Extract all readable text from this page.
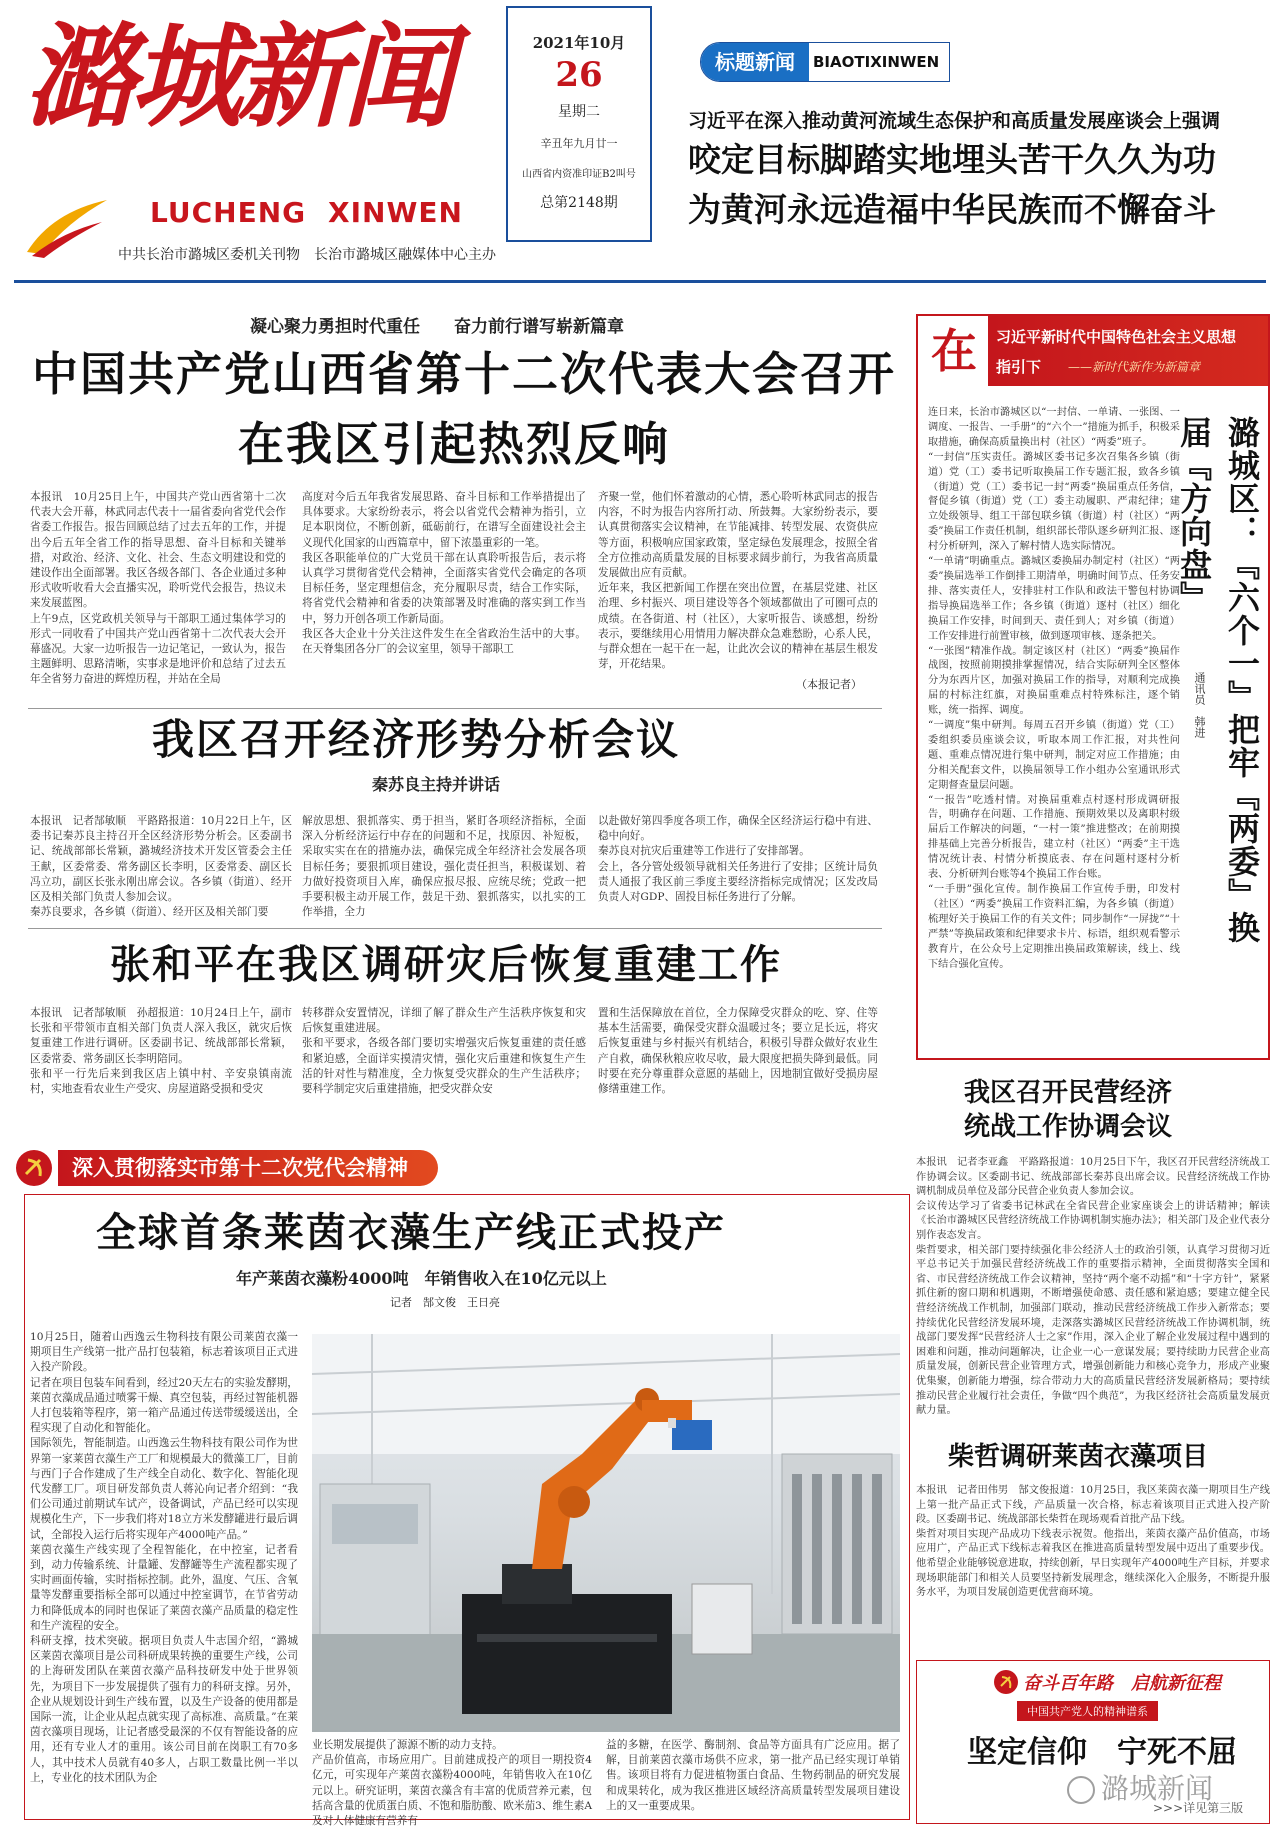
潞城新闻
LUCHENG XINWEN
中共长治市潞城区委机关刊物　长治市潞城区融媒体中心主办
2021年10月
26
星期二
辛丑年九月廿一
山西省内资准印证B2叫号
总第2148期
标题新闻	BIAOTIXINWEN
习近平在深入推动黄河流域生态保护和高质量发展座谈会上强调
咬定目标脚踏实地埋头苦干久久为功
为黄河永远造福中华民族而不懈奋斗
凝心聚力勇担时代重任　　奋力前行谱写崭新篇章
中国共产党山西省第十二次代表大会召开
在我区引起热烈反响
本报讯　10月25日上午，中国共产党山西省第十二次代表大会开幕，林武同志代表十一届省委向省党代会作省委工作报告。报告回顾总结了过去五年的工作，并提出今后五年全省工作的指导思想、奋斗目标和关键举措，对政治、经济、文化、社会、生态文明建设和党的建设作出全面部署。我区各级各部门、各企业通过多种形式收听收看大会直播实况，聆听党代会报告，热议未来发展蓝图。
上午9点，区党政机关领导与干部职工通过集体学习的形式一同收看了中国共产党山西省第十二次代表大会开幕盛况。大家一边听报告一边记笔记，一致认为，报告主题鲜明、思路清晰，实事求是地评价和总结了过去五年全省努力奋进的辉煌历程，并站在全局
高度对今后五年我省发展思路、奋斗目标和工作举措提出了具体要求。大家纷纷表示，将会以省党代会精神为指引，立足本职岗位，不断创新，砥砺前行，在谱写全面建设社会主义现代化国家的山西篇章中，留下浓墨重彩的一笔。
我区各职能单位的广大党员干部在认真聆听报告后，表示将认真学习贯彻省党代会精神，全面落实省党代会确定的各项目标任务，坚定理想信念，充分履职尽责，结合工作实际，将省党代会精神和省委的决策部署及时准确的落实到工作当中，努力开创各项工作新局面。
我区各大企业十分关注这件发生在全省政治生活中的大事。在天脊集团各分厂的会议室里，领导干部职工
齐聚一堂，他们怀着激动的心情，悉心聆听林武同志的报告内容，不时为报告内容所打动、所鼓舞。大家纷纷表示，要认真贯彻落实会议精神，在节能减排、转型发展、农资供应等方面，积极响应国家政策，坚定绿色发展理念，按照全省全方位推动高质量发展的目标要求阔步前行，为我省高质量发展做出应有贡献。
近年来，我区把新闻工作摆在突出位置，在基层党建、社区治理、乡村振兴、项目建设等各个领域都做出了可圈可点的成绩。在各街道、村（社区），大家听报告、谈感想，纷纷表示，要继续用心用情用力解决群众急难愁盼，心系人民，与群众想在一起干在一起，让此次会议的精神在基层生根发芽，开花结果。
（本报记者）
我区召开经济形势分析会议
秦苏良主持并讲话
本报讯　记者郜敏顺　平路路报道：10月22日上午，区委书记秦苏良主持召开全区经济形势分析会。区委副书记、统战部部长常颖，潞城经济技术开发区管委会主任王献，区委常委、常务副区长李明，区委常委、副区长冯立功，副区长张永刚出席会议。各乡镇（街道）、经开区及相关部门负责人参加会议。
秦苏良要求，各乡镇（街道）、经开区及相关部门要
解放思想、狠抓落实、勇于担当，紧盯各项经济指标，全面深入分析经济运行中存在的问题和不足，找原因、补短板，采取实实在在的措施办法，确保完成全年经济社会发展各项目标任务；要狠抓项目建设，强化责任担当，积极谋划、着力做好投资项目入库，确保应报尽报、应统尽统；党政一把手要积极主动开展工作，鼓足干劲、狠抓落实，以扎实的工作举措，全力
以赴做好第四季度各项工作，确保全区经济运行稳中有进、稳中向好。
秦苏良对抗灾后重建等工作进行了安排部署。
会上，各分管处级领导就相关任务进行了安排；区统计局负责人通报了我区前三季度主要经济指标完成情况；区发改局负责人对GDP、固投目标任务进行了分解。
张和平在我区调研灾后恢复重建工作
本报讯　记者郜敏顺　孙超报道：10月24日上午，副市长张和平带领市直相关部门负责人深入我区，就灾后恢复重建工作进行调研。区委副书记、统战部部长常颖，区委常委、常务副区长李明陪同。
张和平一行先后来到我区店上镇中村、辛安泉镇南流村，实地查看农业生产受灾、房屋道路受损和受灾
转移群众安置情况，详细了解了群众生产生活秩序恢复和灾后恢复重建进展。
张和平要求，各级各部门要切实增强灾后恢复重建的责任感和紧迫感，全面详实摸清灾情，强化灾后重建和恢复生产生活的针对性与精准度，全力恢复受灾群众的生产生活秩序；要科学制定灾后重建措施，把受灾群众安
置和生活保障放在首位，全力保障受灾群众的吃、穿、住等基本生活需要，确保受灾群众温暖过冬；要立足长远，将灾后恢复重建与乡村振兴有机结合，积极引导群众做好农业生产自救，确保秋粮应收尽收，最大限度把损失降到最低。同时要在充分尊重群众意愿的基础上，因地制宜做好受损房屋修缮重建工作。
深入贯彻落实市第十二次党代会精神
全球首条莱茵衣藻生产线正式投产
年产莱茵衣藻粉4000吨　年销售收入在10亿元以上
记者　郜文俊　王日亮
10月25日，随着山西逸云生物科技有限公司莱茵衣藻一期项目生产线第一批产品打包装箱，标志着该项目正式进入投产阶段。
记者在项目包装车间看到，经过20天左右的实验发酵期，莱茵衣藻成品通过喷雾干燥、真空包装，再经过智能机器人打包装箱等程序，第一箱产品通过传送带缓缓送出，全程实现了自动化和智能化。
国际领先，智能制造。山西逸云生物科技有限公司作为世界第一家莱茵衣藻生产工厂和规模最大的微藻工厂，目前与西门子合作建成了生产线全自动化、数字化、智能化现代发酵工厂。项目研发部负责人蒋沁向记者介绍到：“我们公司通过前期试车试产，设备调试，产品已经可以实现规模化生产，下一步我们将对18立方米发酵罐进行最后调试，全部投入运行后将实现年产4000吨产品。”
莱茵衣藻生产线实现了全程智能化，在中控室，记者看到，动力传输系统、计量罐、发酵罐等生产流程都实现了实时画面传输，实时指标控制。此外，温度、气压、含氧量等发酵重要指标全部可以通过中控室调节，在节省劳动力和降低成本的同时也保证了莱茵衣藻产品质量的稳定性和生产流程的安全。
科研支撑，技术突破。据项目负责人牛志国介绍，“潞城区莱茵衣藻项目是公司科研成果转换的重要生产线，公司的上海研发团队在莱茵衣藻产品科技研发中处于世界领先，为项目下一步发展提供了强有力的科研支撑。另外，企业从规划设计到生产线布置，以及生产设备的使用都是国际一流，让企业从起点就实现了高标准、高质量。”在莱茵衣藻项目现场，让记者感受最深的不仅有智能设备的应用，还有专业人才的重用。该公司目前在岗职工有70多人，其中技术人员就有40多人，占职工数量比例一半以上，专业化的技术团队为企
业长期发展提供了源源不断的动力支持。
产品价值高，市场应用广。目前建成投产的项目一期投资4亿元，可实现年产莱茵衣藻粉4000吨，年销售收入在10亿元以上。研究证明，莱茵衣藻含有丰富的优质营养元素，包括高含量的优质蛋白质、不饱和脂肪酸、欧米茄3、维生素A及对人体健康有营养有
益的多糖，在医学、酶制剂、食品等方面具有广泛应用。据了解，目前莱茵衣藻市场供不应求，第一批产品已经实现订单销售。该项目将有力促进植物蛋白食品、生物药制品的研究发展和成果转化，成为我区推进区域经济高质量转型发展项目建设上的又一重要成果。
在	习近平新时代中国特色社会主义思想
指引下 ——新时代新作为新篇章
连日来，长治市潞城区以“一封信、一单请、一张图、一调度、一报告、一手册”的“六个一”措施为抓手，积极采取措施，确保高质量换出村（社区）“两委”班子。
“一封信”压实责任。潞城区委书记多次召集各乡镇（街道）党（工）委书记听取换届工作专题汇报，致各乡镇（街道）党（工）委书记一封“两委”换届重点任务信，督促乡镇（街道）党（工）委主动履职、严肃纪律；建立处级领导、组工干部包联乡镇（街道）村（社区）“两委”换届工作责任机制，组织部长带队逐乡研判汇报、逐村分析研判，深入了解村情人选实际情况。
“一单请”明确重点。潞城区委换届办制定村（社区）“两委”换届选举工作倒排工期清单，明确时间节点、任务安排、落实责任人，安排驻村工作队和政法干警包村协调指导换届选举工作；各乡镇（街道）逐村（社区）细化换届工作安排，时间到天、责任到人；对乡镇（街道）工作安排进行前置审核，做到逐项审核、逐条把关。
“一张图”精准作战。制定该区村（社区）“两委”换届作战图，按照前期摸排掌握情况，结合实际研判全区整体分为东西片区，加强对换届工作的指导，对顺利完成换届的村标注红旗，对换届重难点村特殊标注，逐个销账，统一指挥、调度。
“一调度”集中研判。每周五召开乡镇（街道）党（工）委组织委员座谈会议，听取本周工作汇报，对共性问题、重难点情况进行集中研判，制定对应工作措施；由分相关配套文件，以换届领导工作小组办公室通讯形式定期督查量层问题。
“一报告”吃透村情。对换届重难点村逐村形成调研报告，明确存在问题、工作措施、预期效果以及离职村级届后工作解决的问题，“一村一策”推进整改；在前期摸排基础上完善分析报告，建立村（社区）“两委”主干选情况统计表、村情分析摸底表、存在问题村逐村分析表、分析研判台账等4个换届工作台账。
“一手册”强化宣传。制作换届工作宣传手册，印发村（社区）“两委”换届工作资料汇编，为各乡镇（街道）梳理好关于换届工作的有关文件；同步制作“一屏拢”“十严禁”等换届政策和纪律要求卡片、标语，组织观看警示教育片，在公众号上定期推出换届政策解读，线上、线下结合强化宣传。
潞城区：『六个一』把牢『两委』换届『方向盘』
通讯员　韩进
我区召开民营经济
统战工作协调会议
本报讯　记者李亚鑫　平路路报道：10月25日下午，我区召开民营经济统战工作协调会议。区委副书记、统战部部长秦苏良出席会议。民营经济统战工作协调机制成员单位及部分民营企业负责人参加会议。
会议传达学习了省委书记林武在全省民营企业家座谈会上的讲话精神；解读《长治市潞城区民营经济统战工作协调机制实施办法》；相关部门及企业代表分别作表态发言。
柴哲要求，相关部门要持续强化非公经济人士的政治引领，认真学习贯彻习近平总书记关于加强民营经济统战工作的重要指示精神，全面贯彻落实全国和省、市民营经济统战工作会议精神，坚持“两个毫不动摇”和“十字方针”，紧紧抓住新的窗口期和机遇期，不断增强使命感、责任感和紧迫感；要建立健全民营经济统战工作机制，加强部门联动，推动民营经济统战工作步入新常态；要持续优化民营经济发展环境，走深落实潞城区民营经济统战工作协调机制，统战部门要发挥“民营经济人士之家”作用，深入企业了解企业发展过程中遇到的困难和问题，推动问题解决，让企业一心一意谋发展；要持续助力民营企业高质量发展，创新民营企业管理方式，增强创新能力和核心竞争力，形成产业聚优集聚，创新能力增强，综合带动力大的高质量民营经济发展新格局；要持续推动民营企业履行社会责任，争做“四个典范”，为我区经济社会高质量发展贡献力量。
柴哲调研莱茵衣藻项目
本报讯　记者田伟男　郜文俊报道：10月25日，我区莱茵衣藻一期项目生产线上第一批产品正式下线，产品质量一次合格，标志着该项目正式进入投产阶段。区委副书记、统战部部长柴哲在现场观看首批产品下线。
柴哲对项目实现产品成功下线表示祝贺。他指出，莱茵衣藻产品价值高，市场应用广，产品正式下线标志着我区在推进高质量转型发展中迈出了重要步伐。他希望企业能够锐意进取，持续创新，早日实现年产4000吨生产目标，并要求现场职能部门和相关人员要坚持新发展理念，继续深化入企服务，不断提升服务水平，为项目发展创造更优营商环境。
奋斗百年路　启航新征程
中国共产党人的精神谱系
坚定信仰　宁死不屈
>>>详见第三版
潞城新闻
